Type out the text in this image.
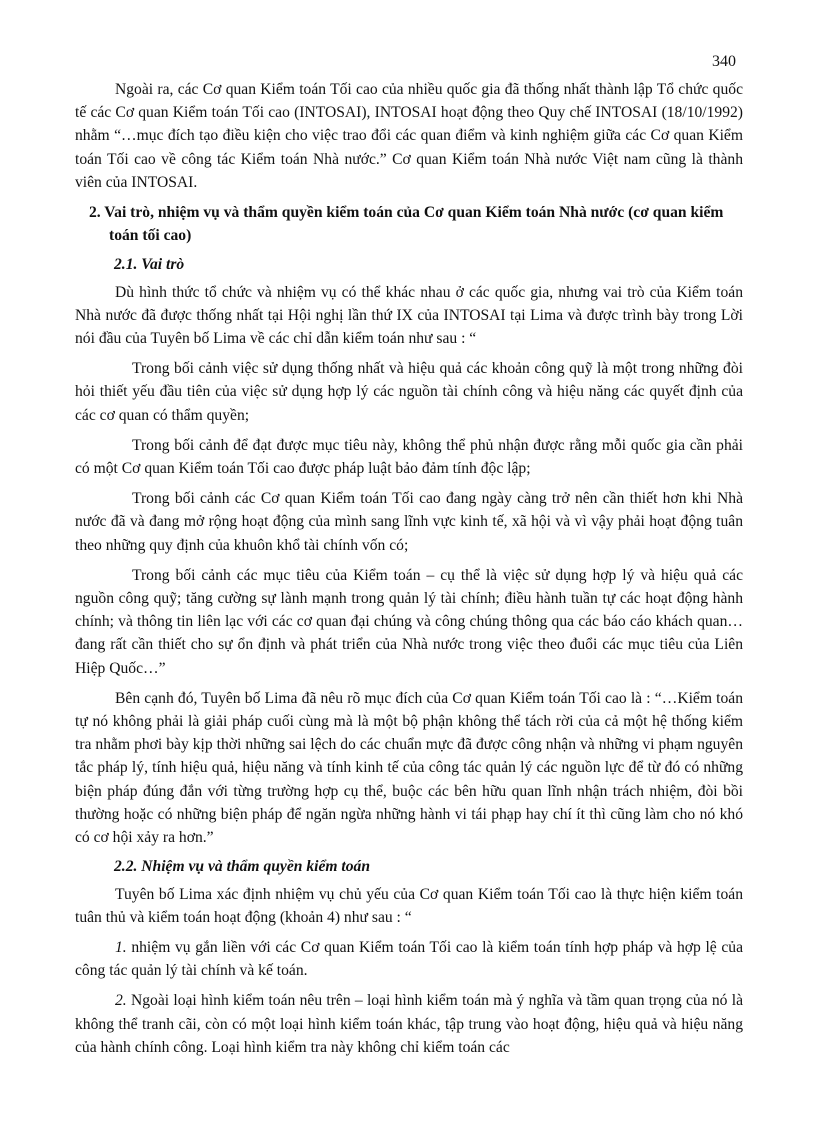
340

Ngoài ra, các Cơ quan Kiểm toán Tối cao của nhiều quốc gia đã thống nhất thành lập Tổ chức quốc tế các Cơ quan Kiểm toán Tối cao (INTOSAI), INTOSAI hoạt động theo Quy chế INTOSAI (18/10/1992) nhằm “…mục đích tạo điều kiện cho việc trao đổi các quan điểm và kinh nghiệm giữa các Cơ quan Kiểm toán Tối cao về công tác Kiểm toán Nhà nước.” Cơ quan Kiểm toán Nhà nước Việt nam cũng là thành viên của INTOSAI.

2. Vai trò, nhiệm vụ và thẩm quyền kiểm toán của Cơ quan Kiểm toán Nhà nước (cơ quan kiểm toán tối cao)

2.1. Vai trò

Dù hình thức tổ chức và nhiệm vụ có thể khác nhau ở các quốc gia, nhưng vai trò của Kiểm toán Nhà nước đã được thống nhất tại Hội nghị lần thứ IX của INTOSAI tại Lima và được trình bày trong Lời nói đầu của Tuyên bố Lima về các chỉ dẫn kiểm toán như sau : “

Trong bối cảnh việc sử dụng thống nhất và hiệu quả các khoản công quỹ là một trong những đòi hỏi thiết yếu đầu tiên của việc sử dụng hợp lý các nguồn tài chính công và hiệu năng các quyết định của các cơ quan có thẩm quyền;

Trong bối cảnh để đạt được mục tiêu này, không thể phủ nhận được rằng mỗi quốc gia cần phải có một Cơ quan Kiểm toán Tối cao được pháp luật bảo đảm tính độc lập;

Trong bối cảnh các Cơ quan Kiểm toán Tối cao đang ngày càng trở nên cần thiết hơn khi Nhà nước đã và đang mở rộng hoạt động của mình sang lĩnh vực kinh tế, xã hội và vì vậy phải hoạt động tuân theo những quy định của khuôn khổ tài chính vốn có;

Trong bối cảnh các mục tiêu của Kiểm toán – cụ thể là việc sử dụng hợp lý và hiệu quả các nguồn công quỹ; tăng cường sự lành mạnh trong quản lý tài chính; điều hành tuần tự các hoạt động hành chính; và thông tin liên lạc với các cơ quan đại chúng và công chúng thông qua các báo cáo khách quan… đang rất cần thiết cho sự ổn định và phát triển của Nhà nước trong việc theo đuổi các mục tiêu của Liên Hiệp Quốc…”

Bên cạnh đó, Tuyên bố Lima đã nêu rõ mục đích của Cơ quan Kiểm toán Tối cao là : “…Kiểm toán tự nó không phải là giải pháp cuối cùng mà là một bộ phận không thể tách rời của cả một hệ thống kiểm tra nhằm phơi bày kịp thời những sai lệch do các chuẩn mực đã được công nhận và những vi phạm nguyên tắc pháp lý, tính hiệu quả, hiệu năng và tính kinh tế của công tác quản lý các nguồn lực để từ đó có những biện pháp đúng đắn với từng trường hợp cụ thể, buộc các bên hữu quan lĩnh nhận trách nhiệm, đòi bồi thường hoặc có những biện pháp để ngăn ngừa những hành vi tái phạp hay chí ít thì cũng làm cho nó khó có cơ hội xảy ra hơn.”

2.2. Nhiệm vụ và thẩm quyền kiểm toán

Tuyên bố Lima xác định nhiệm vụ chủ yếu của Cơ quan Kiểm toán Tối cao là thực hiện kiểm toán tuân thủ và kiểm toán hoạt động (khoản 4) như sau : “

1. nhiệm vụ gắn liền với các Cơ quan Kiểm toán Tối cao là kiểm toán tính hợp pháp và hợp lệ của công tác quản lý tài chính và kế toán.

2. Ngoài loại hình kiểm toán nêu trên – loại hình kiểm toán mà ý nghĩa và tầm quan trọng của nó là không thể tranh cãi, còn có một loại hình kiểm toán khác, tập trung vào hoạt động, hiệu quả và hiệu năng của hành chính công. Loại hình kiểm tra này không chỉ kiểm toán các
